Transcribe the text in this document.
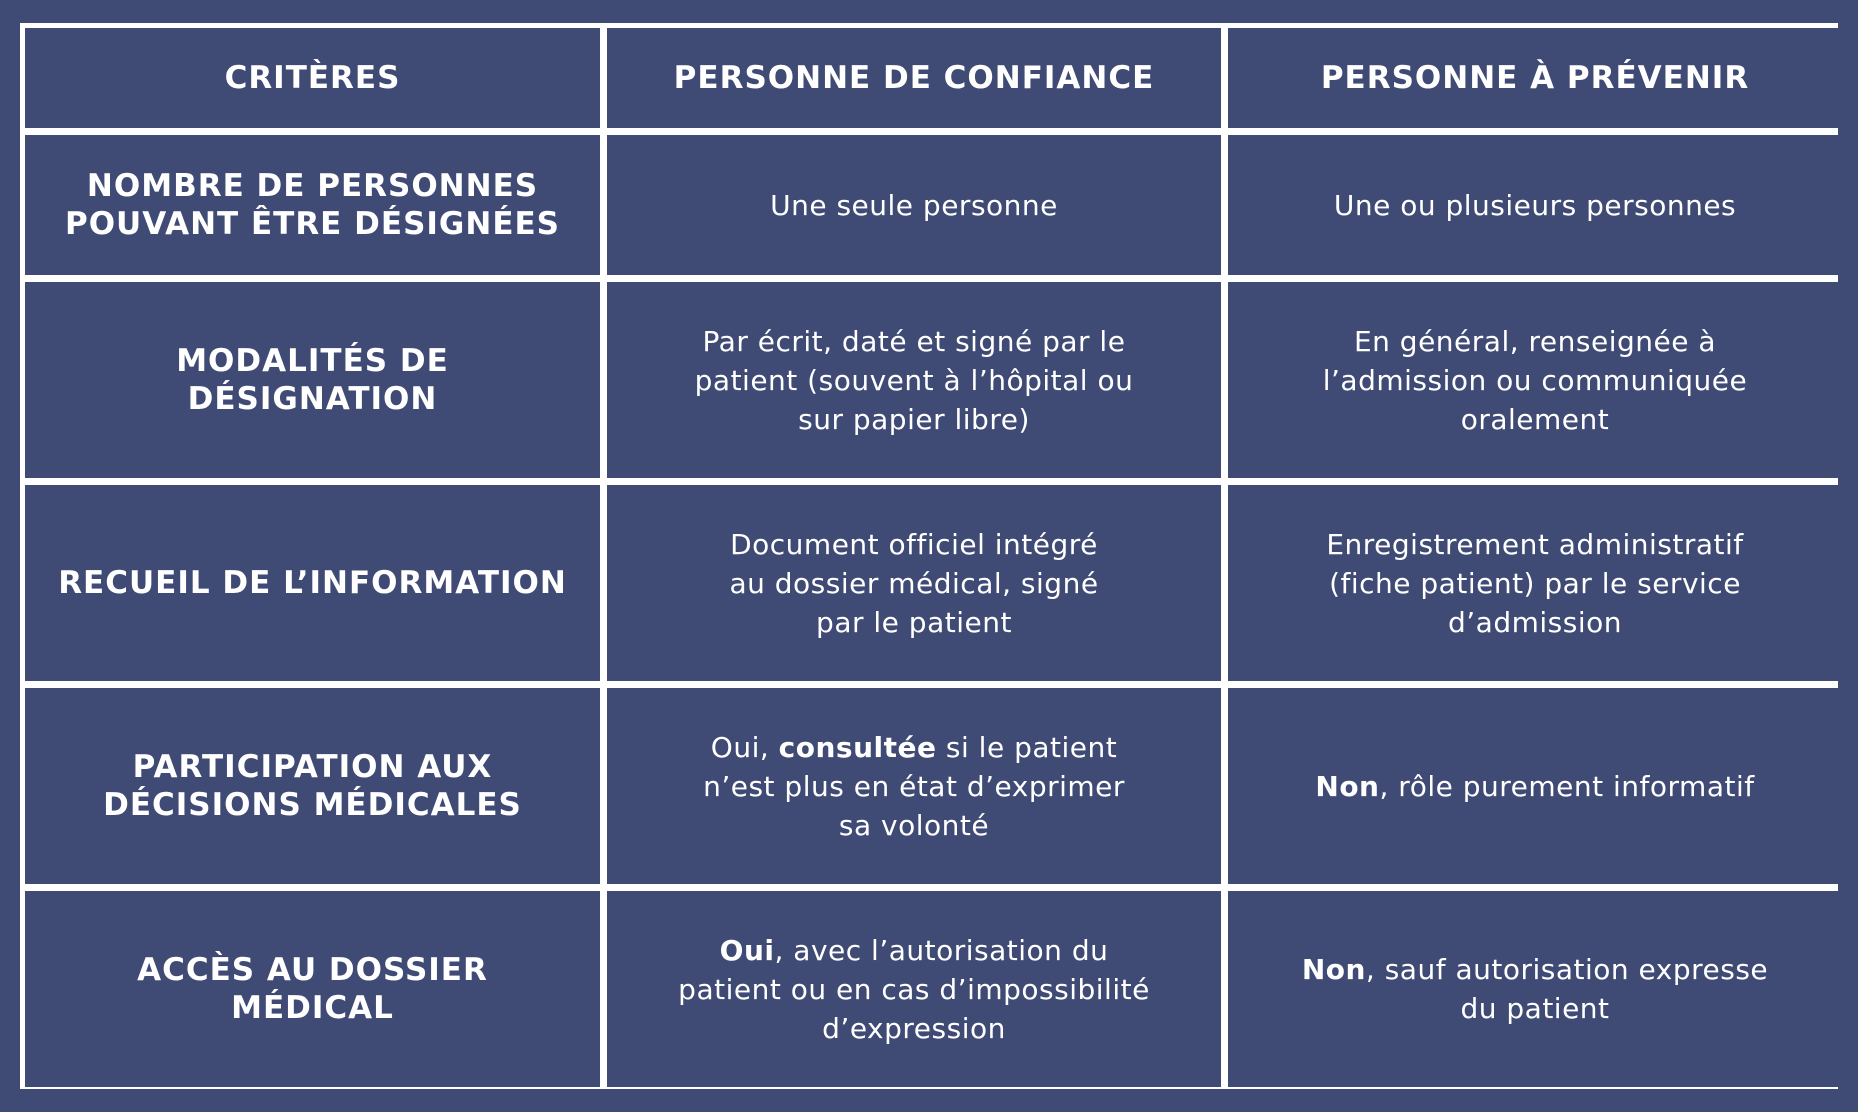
CRITÈRES	PERSONNE DE CONFIANCE	PERSONNE À PRÉVENIR

NOMBRE DE PERSONNES
POUVANT ÊTRE DÉSIGNÉES	Une seule personne	Une ou plusieurs personnes

MODALITÉS DE DÉSIGNATION	Par écrit, daté et signé par le patient (souvent à l’hôpital ou sur papier libre)	En général, renseignée à l’admission ou communiquée oralement

RECUEIL DE L’INFORMATION	Document officiel intégré au dossier médical, signé par le patient	Enregistrement administratif (fiche patient) par le service d’admission

PARTICIPATION AUX
DÉCISIONS MÉDICALES	Oui, consultée si le patient n’est plus en état d’exprimer sa volonté	Non, rôle purement informatif

ACCÈS AU DOSSIER MÉDICAL	Oui, avec l’autorisation du patient ou en cas d’impossibilité d’expression	Non, sauf autorisation expresse du patient
